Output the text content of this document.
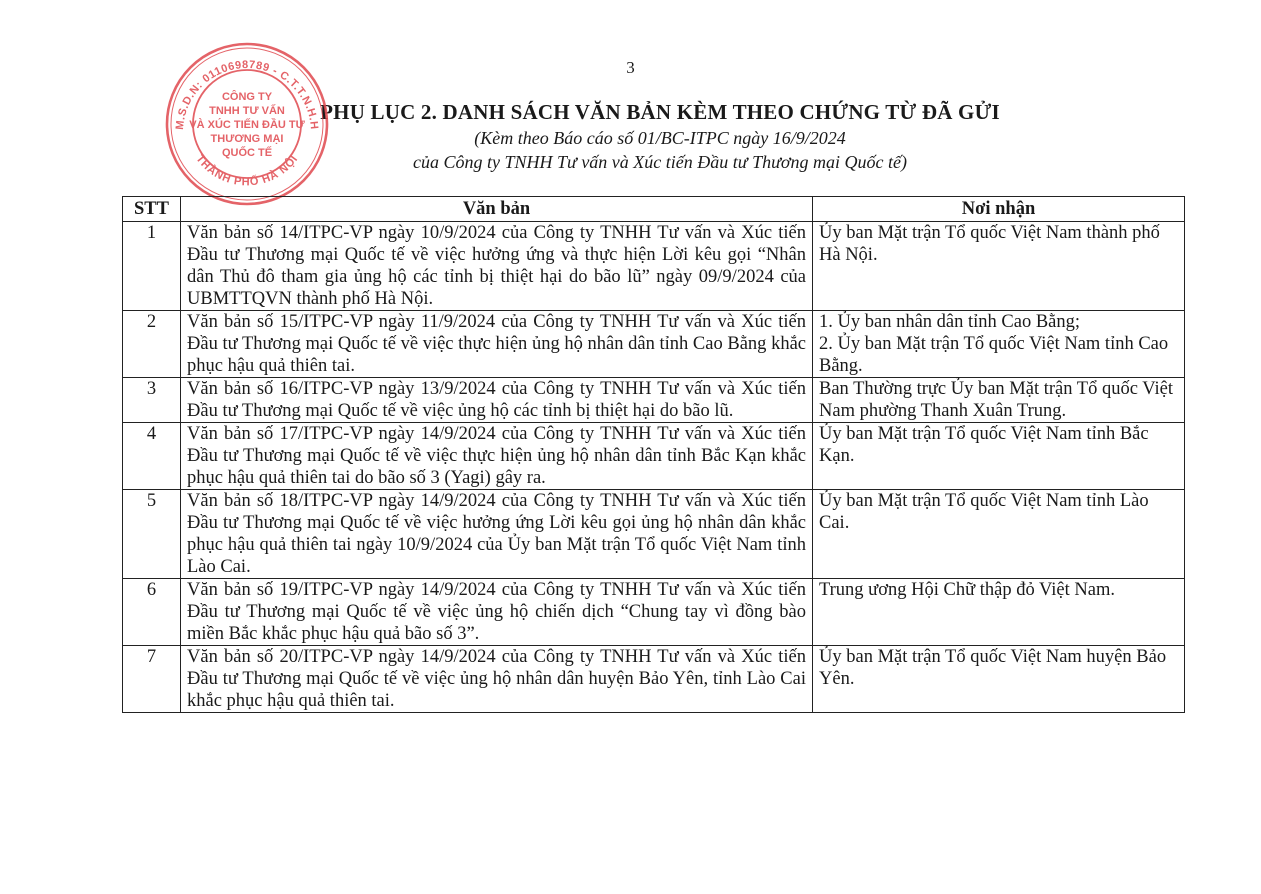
3
PHỤ LỤC 2. DANH SÁCH VĂN BẢN KÈM THEO CHỨNG TỪ ĐÃ GỬI
(Kèm theo Báo cáo số 01/BC-ITPC ngày 16/9/2024
của Công ty TNHH Tư vấn và Xúc tiến Đầu tư Thương mại Quốc tế)
M.S.D.N: 0110698789 - C.T.T.N.H.H
THÀNH PHỐ HÀ NỘI
CÔNG TY
TNHH TƯ VẤN
VÀ XÚC TIẾN ĐẦU TƯ
THƯƠNG MẠI
QUỐC TẾ
STT	Văn bản	Nơi nhận
1	Văn bản số 14/ITPC-VP ngày 10/9/2024 của Công ty TNHH Tư vấn và Xúc tiến Đầu tư Thương mại Quốc tế về việc hưởng ứng và thực hiện Lời kêu gọi “Nhân dân Thủ đô tham gia ủng hộ các tỉnh bị thiệt hại do bão lũ” ngày 09/9/2024 của UBMTTQVN thành phố Hà Nội.	Ủy ban Mặt trận Tổ quốc Việt Nam thành phố Hà Nội.

2	Văn bản số 15/ITPC-VP ngày 11/9/2024 của Công ty TNHH Tư vấn và Xúc tiến Đầu tư Thương mại Quốc tế về việc thực hiện ủng hộ nhân dân tỉnh Cao Bằng khắc phục hậu quả thiên tai.	1. Ủy ban nhân dân tỉnh Cao Bằng;
2. Ủy ban Mặt trận Tổ quốc Việt Nam tỉnh Cao Bằng.

3	Văn bản số 16/ITPC-VP ngày 13/9/2024 của Công ty TNHH Tư vấn và Xúc tiến Đầu tư Thương mại Quốc tế về việc ủng hộ các tỉnh bị thiệt hại do bão lũ.	Ban Thường trực Ủy ban Mặt trận Tổ quốc Việt Nam phường Thanh Xuân Trung.

4	Văn bản số 17/ITPC-VP ngày 14/9/2024 của Công ty TNHH Tư vấn và Xúc tiến Đầu tư Thương mại Quốc tế về việc thực hiện ủng hộ nhân dân tỉnh Bắc Kạn khắc phục hậu quả thiên tai do bão số 3 (Yagi) gây ra.	Ủy ban Mặt trận Tổ quốc Việt Nam tỉnh Bắc Kạn.

5	Văn bản số 18/ITPC-VP ngày 14/9/2024 của Công ty TNHH Tư vấn và Xúc tiến Đầu tư Thương mại Quốc tế về việc hưởng ứng Lời kêu gọi ủng hộ nhân dân khắc phục hậu quả thiên tai ngày 10/9/2024 của Ủy ban Mặt trận Tổ quốc Việt Nam tỉnh Lào Cai.	Ủy ban Mặt trận Tổ quốc Việt Nam tỉnh Lào Cai.

6	Văn bản số 19/ITPC-VP ngày 14/9/2024 của Công ty TNHH Tư vấn và Xúc tiến Đầu tư Thương mại Quốc tế về việc ủng hộ chiến dịch “Chung tay vì đồng bào miền Bắc khắc phục hậu quả bão số 3”.	Trung ương Hội Chữ thập đỏ Việt Nam.

7	Văn bản số 20/ITPC-VP ngày 14/9/2024 của Công ty TNHH Tư vấn và Xúc tiến Đầu tư Thương mại Quốc tế về việc ủng hộ nhân dân huyện Bảo Yên, tỉnh Lào Cai khắc phục hậu quả thiên tai.	Ủy ban Mặt trận Tổ quốc Việt Nam huyện Bảo Yên.
